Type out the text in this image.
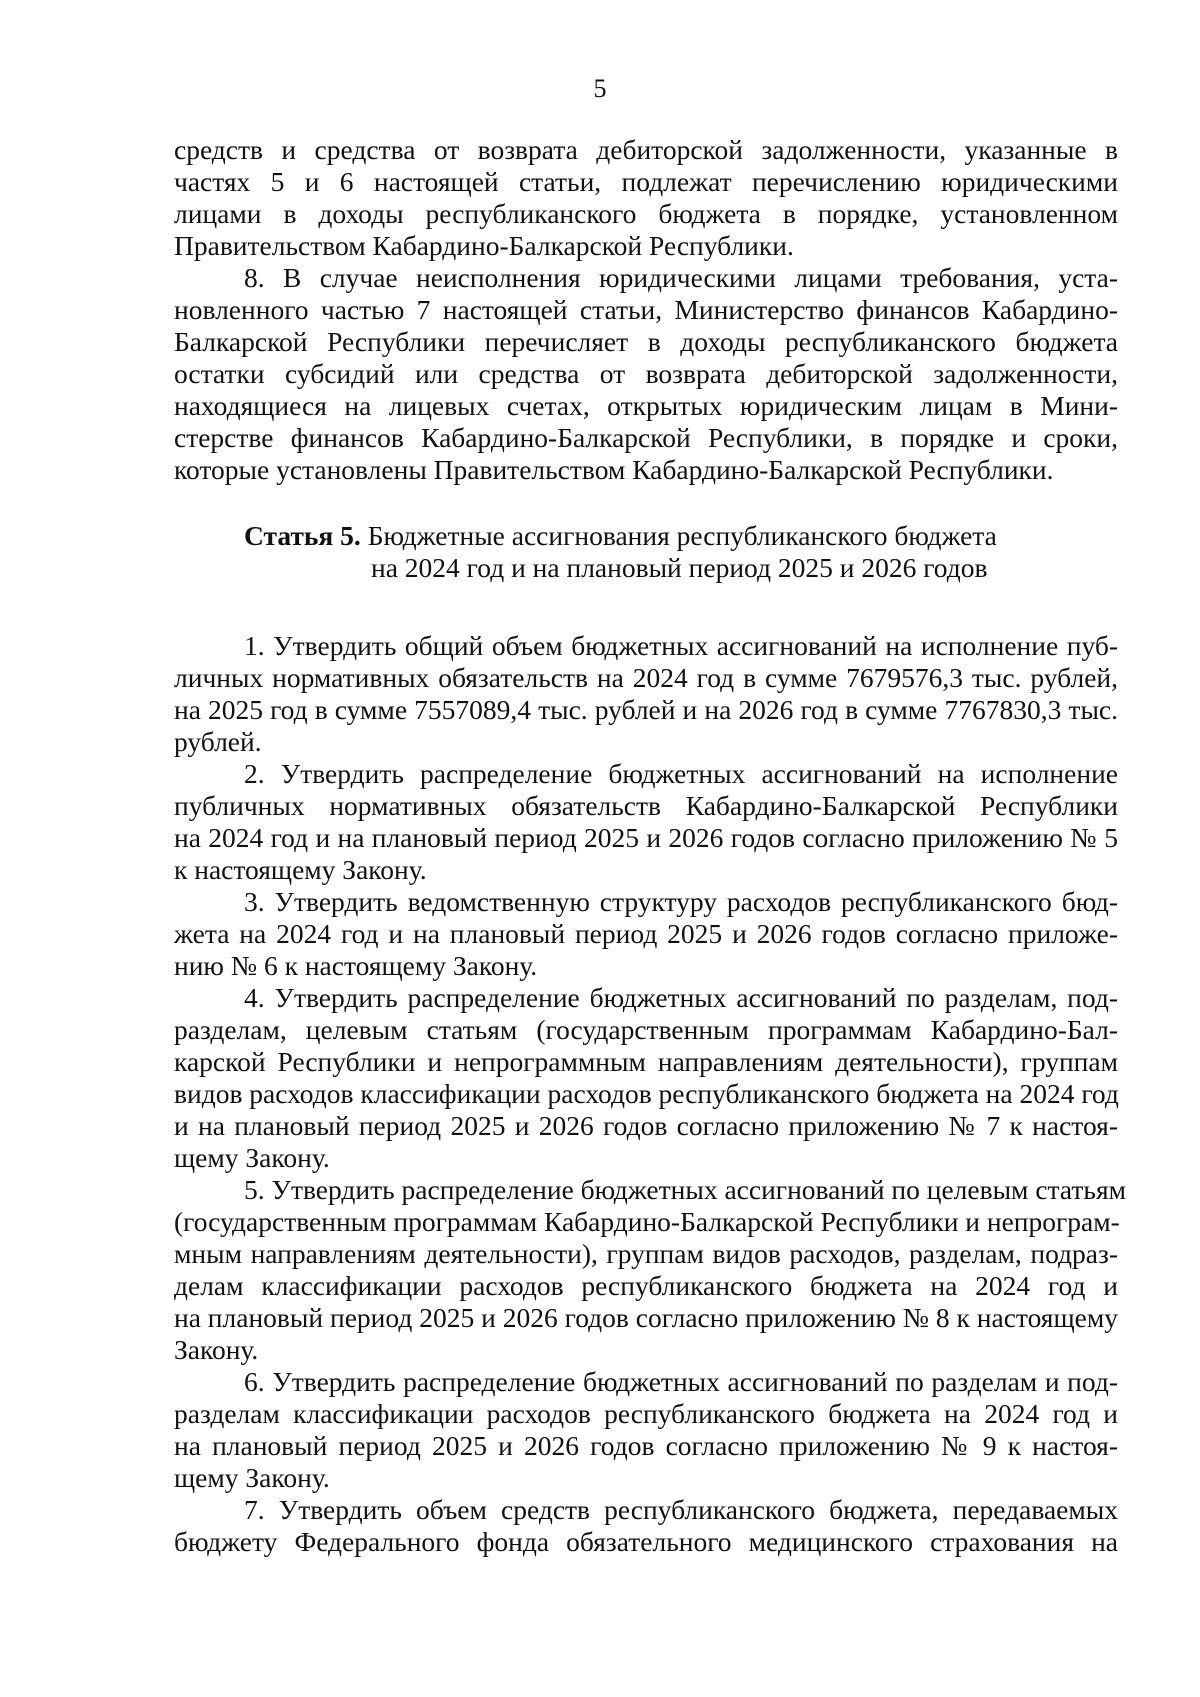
5
средств и средства от возврата дебиторской задолженности, указанные в
частях 5 и 6 настоящей статьи, подлежат перечислению юридическими
лицами в доходы республиканского бюджета в порядке, установленном
Правительством Кабардино-Балкарской Республики.
8. В случае неисполнения юридическими лицами требования, уста-
новленного частью 7 настоящей статьи, Министерство финансов Кабардино-
Балкарской Республики перечисляет в доходы республиканского бюджета
остатки субсидий или средства от возврата дебиторской задолженности,
находящиеся на лицевых счетах, открытых юридическим лицам в Мини-
стерстве финансов Кабардино-Балкарской Республики, в порядке и сроки,
которые установлены Правительством Кабардино-Балкарской Республики.
Статья 5. Бюджетные ассигнования республиканского бюджета
на 2024 год и на плановый период 2025 и 2026 годов
1. Утвердить общий объем бюджетных ассигнований на исполнение пуб-
личных нормативных обязательств на 2024 год в сумме 7679576,3 тыс. рублей,
на 2025 год в сумме 7557089,4 тыс. рублей и на 2026 год в сумме 7767830,3 тыс.
рублей.
2. Утвердить распределение бюджетных ассигнований на исполнение
публичных нормативных обязательств Кабардино-Балкарской Республики
на 2024 год и на плановый период 2025 и 2026 годов согласно приложению № 5
к настоящему Закону.
3. Утвердить ведомственную структуру расходов республиканского бюд-
жета на 2024 год и на плановый период 2025 и 2026 годов согласно приложе-
нию № 6 к настоящему Закону.
4. Утвердить распределение бюджетных ассигнований по разделам, под-
разделам, целевым статьям (государственным программам Кабардино-Бал-
карской Республики и непрограммным направлениям деятельности), группам
видов расходов классификации расходов республиканского бюджета на 2024 год
и на плановый период 2025 и 2026 годов согласно приложению № 7 к настоя-
щему Закону.
5. Утвердить распределение бюджетных ассигнований по целевым статьям
(государственным программам Кабардино-Балкарской Республики и непрограм-
мным направлениям деятельности), группам видов расходов, разделам, подраз-
делам классификации расходов республиканского бюджета на 2024 год и
на плановый период 2025 и 2026 годов согласно приложению № 8 к настоящему
Закону.
6. Утвердить распределение бюджетных ассигнований по разделам и под-
разделам классификации расходов республиканского бюджета на 2024 год и
на плановый период 2025 и 2026 годов согласно приложению № 9 к настоя-
щему Закону.
7. Утвердить объем средств республиканского бюджета, передаваемых
бюджету Федерального фонда обязательного медицинского страхования на
